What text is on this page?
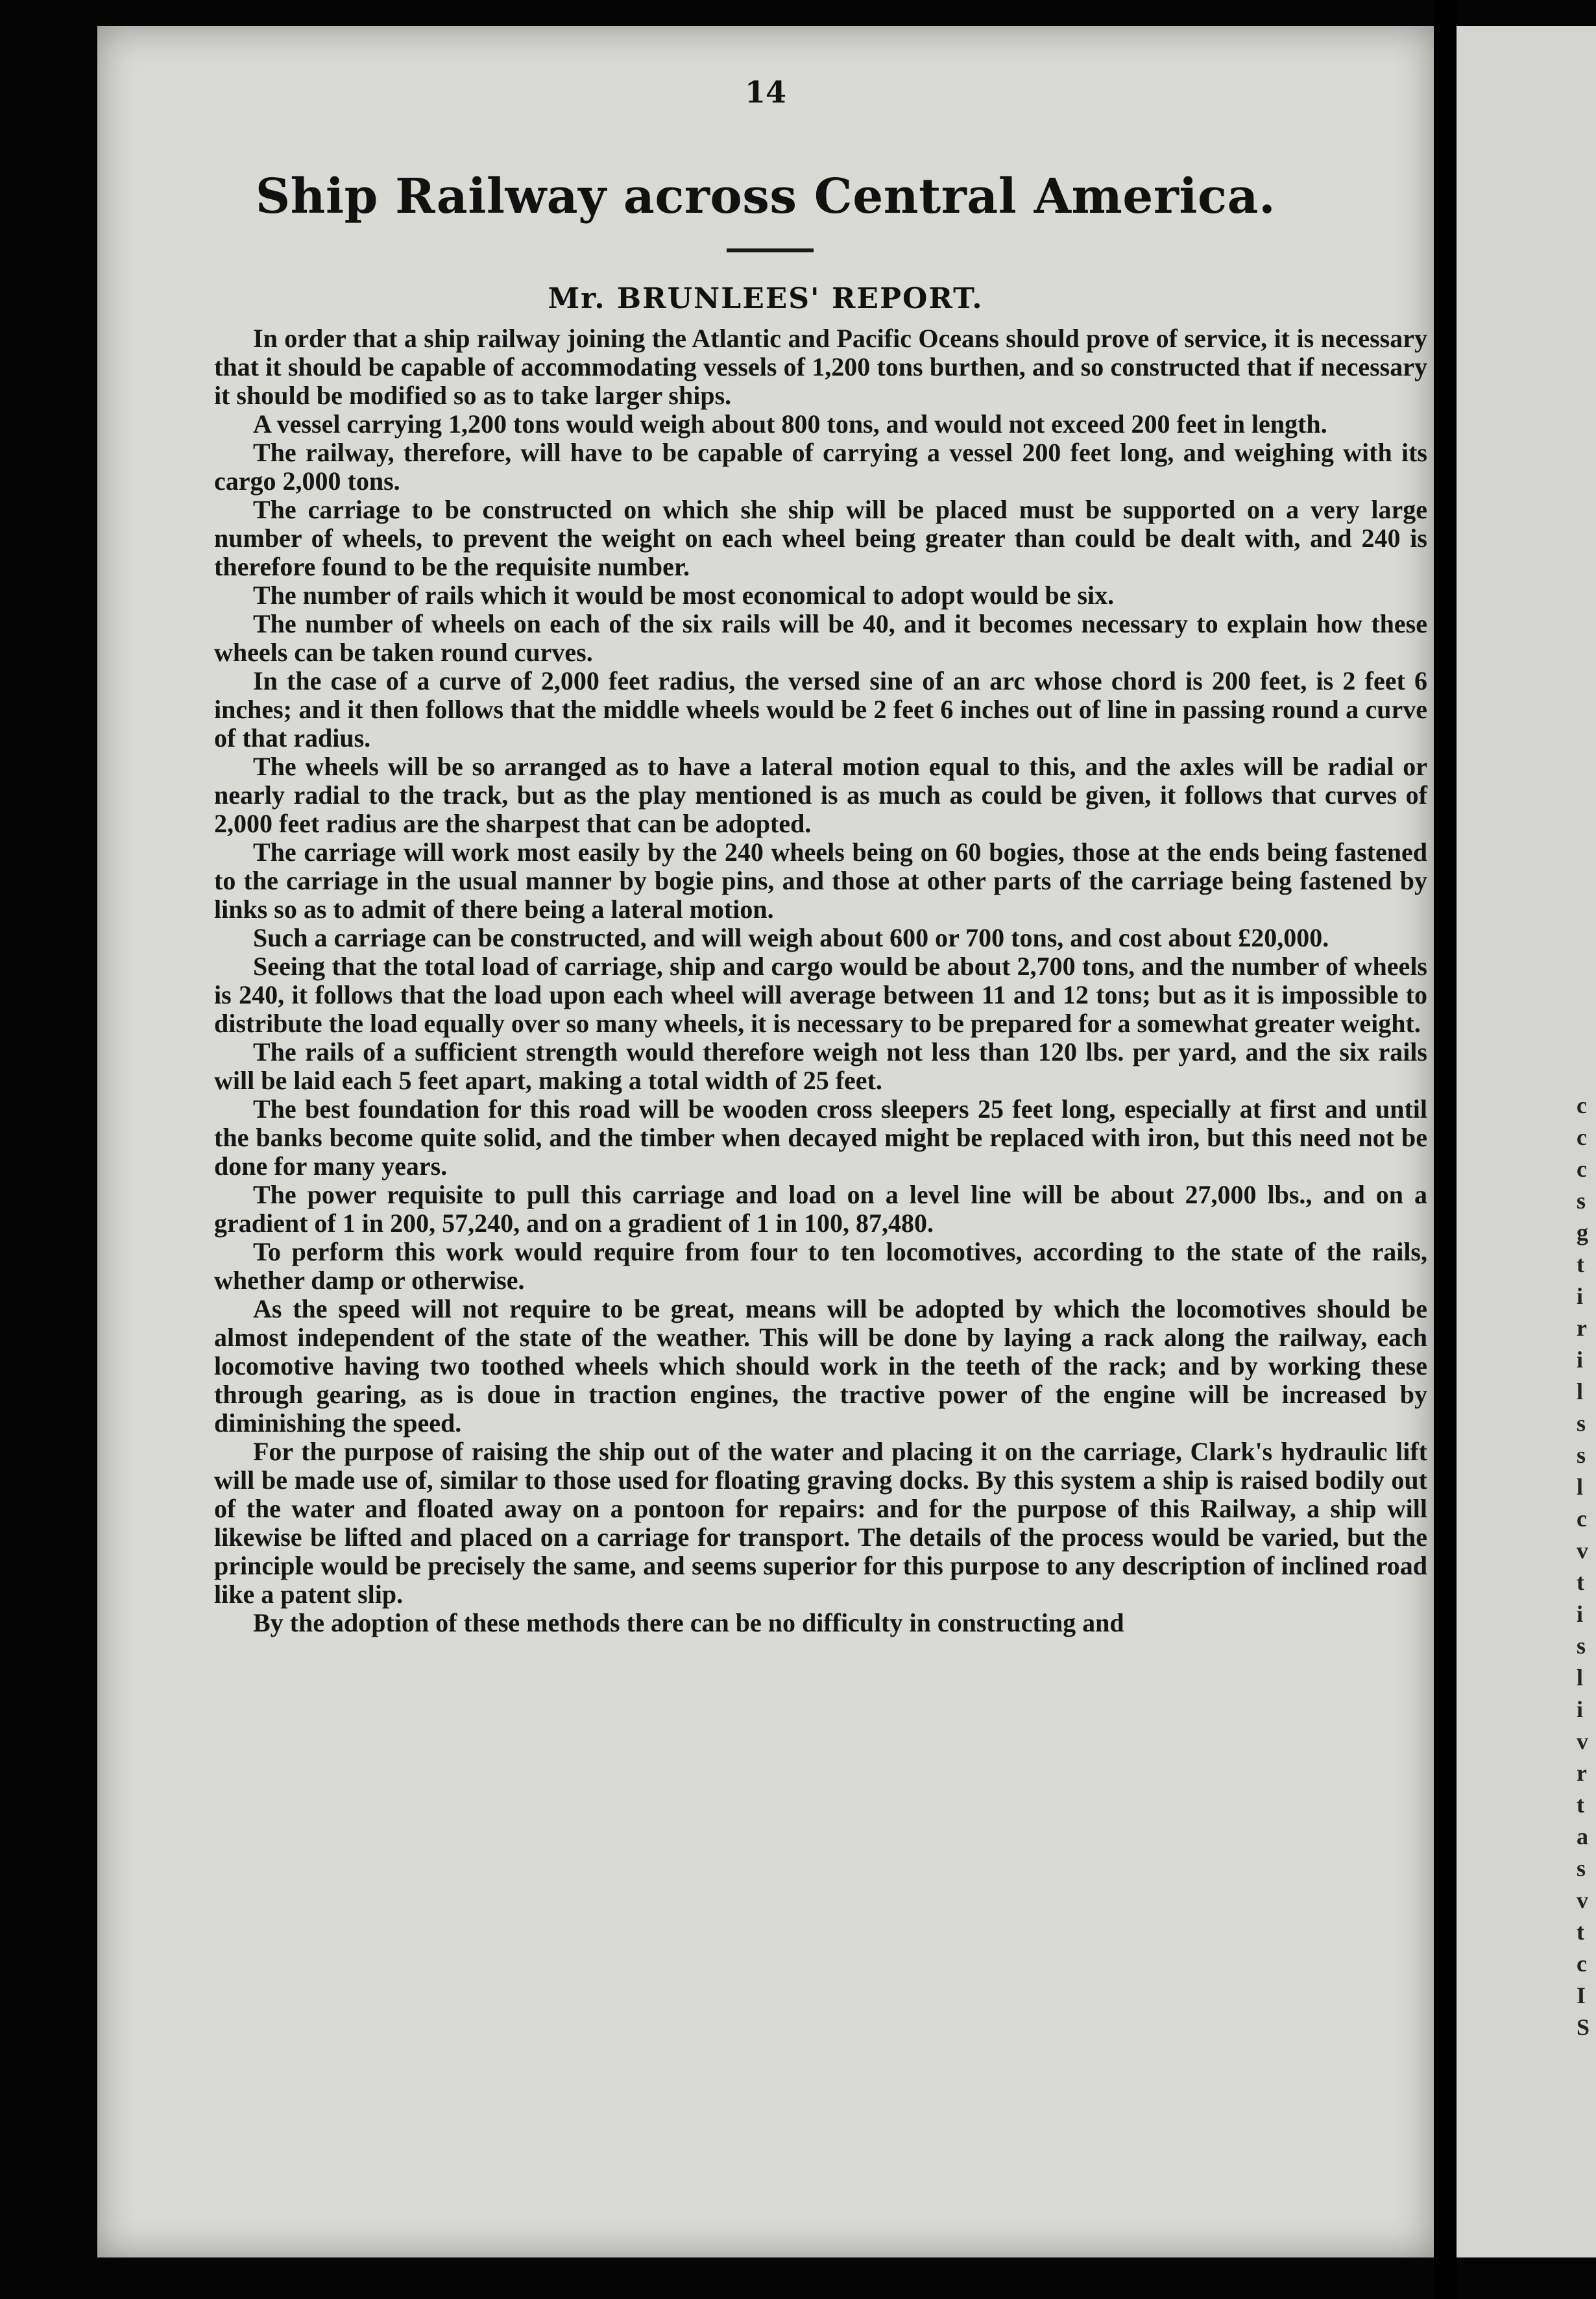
14
Ship Railway across Central America.
Mr. BRUNLEES' REPORT.

In order that a ship railway joining the Atlantic and Pacific Oceans should prove of service, it is necessary that it should be capable of accommodating vessels of 1,200 tons burthen, and so constructed that if necessary it should be modified so as to take larger ships.

A vessel carrying 1,200 tons would weigh about 800 tons, and would not exceed 200 feet in length.

The railway, therefore, will have to be capable of carrying a vessel 200 feet long, and weighing with its cargo 2,000 tons.

The carriage to be constructed on which she ship will be placed must be supported on a very large number of wheels, to prevent the weight on each wheel being greater than could be dealt with, and 240 is therefore found to be the requisite number.

The number of rails which it would be most economical to adopt would be six.

The number of wheels on each of the six rails will be 40, and it becomes necessary to explain how these wheels can be taken round curves.

In the case of a curve of 2,000 feet radius, the versed sine of an arc whose chord is 200 feet, is 2 feet 6 inches; and it then follows that the middle wheels would be 2 feet 6 inches out of line in passing round a curve of that radius.

The wheels will be so arranged as to have a lateral motion equal to this, and the axles will be radial or nearly radial to the track, but as the play mentioned is as much as could be given, it follows that curves of 2,000 feet radius are the sharpest that can be adopted.

The carriage will work most easily by the 240 wheels being on 60 bogies, those at the ends being fastened to the carriage in the usual manner by bogie pins, and those at other parts of the carriage being fastened by links so as to admit of there being a lateral motion.

Such a carriage can be constructed, and will weigh about 600 or 700 tons, and cost about £20,000.

Seeing that the total load of carriage, ship and cargo would be about 2,700 tons, and the number of wheels is 240, it follows that the load upon each wheel will average between 11 and 12 tons; but as it is impossible to distribute the load equally over so many wheels, it is necessary to be prepared for a somewhat greater weight.

The rails of a sufficient strength would therefore weigh not less than 120 lbs. per yard, and the six rails will be laid each 5 feet apart, making a total width of 25 feet.

The best foundation for this road will be wooden cross sleepers 25 feet long, especially at first and until the banks become quite solid, and the timber when decayed might be replaced with iron, but this need not be done for many years.

The power requisite to pull this carriage and load on a level line will be about 27,000 lbs., and on a gradient of 1 in 200, 57,240, and on a gradient of 1 in 100, 87,480.

To perform this work would require from four to ten locomotives, according to the state of the rails, whether damp or otherwise.

As the speed will not require to be great, means will be adopted by which the locomotives should be almost independent of the state of the weather. This will be done by laying a rack along the railway, each locomotive having two toothed wheels which should work in the teeth of the rack; and by working these through gearing, as is doue in traction engines, the tractive power of the engine will be increased by diminishing the speed.

For the purpose of raising the ship out of the water and placing it on the carriage, Clark's hydraulic lift will be made use of, similar to those used for floating graving docks. By this system a ship is raised bodily out of the water and floated away on a pontoon for repairs: and for the purpose of this Railway, a ship will likewise be lifted and placed on a carriage for transport. The details of the process would be varied, but the principle would be precisely the same, and seems superior for this purpose to any description of inclined road like a patent slip.

By the adoption of these methods there can be no difficulty in constructing and

c
c
c
s
g
t
i
r
i
l
s
s
l
c
v
t
i
s
l
i
v
r
t
a
s
v
t
c
I
S
